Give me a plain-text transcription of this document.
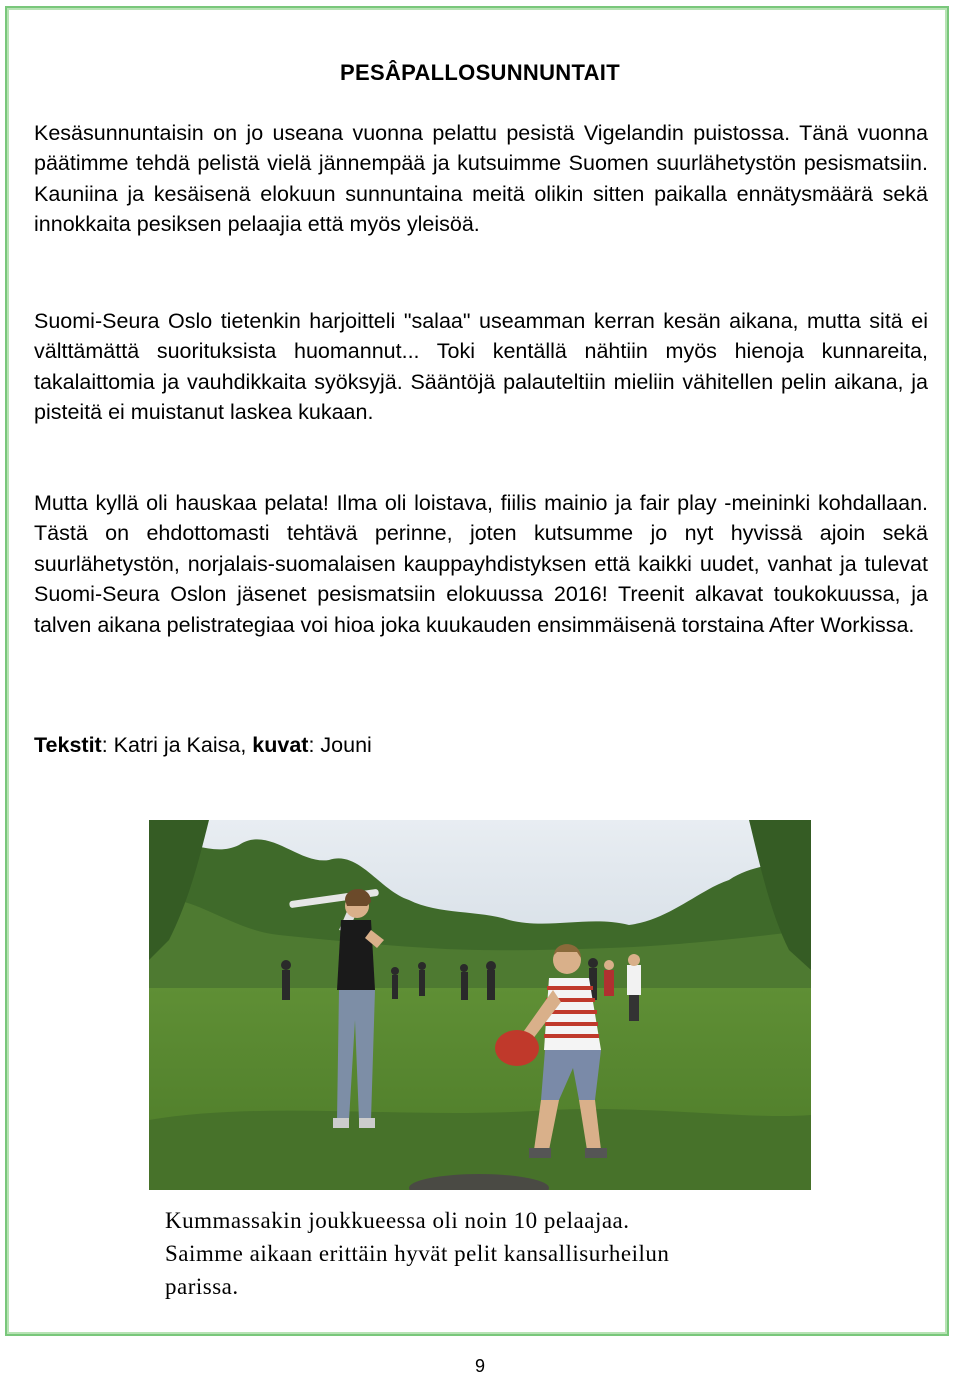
PESÂPALLOSUNNUNTAIT
Kesäsunnuntaisin on jo useana vuonna pelattu pesistä Vigelandin puistossa. Tänä vuonna päätimme tehdä pelistä vielä jännempää ja kutsuimme Suomen suurlähetystön pesismatsiin. Kauniina ja kesäisenä elokuun sunnuntaina meitä olikin sitten paikalla ennätysmäärä sekä innokkaita pesiksen pelaajia että myös yleisöä.
Suomi-Seura Oslo tietenkin harjoitteli "salaa" useamman kerran kesän aikana, mutta sitä ei välttämättä suorituksista huomannut... Toki kentällä nähtiin myös hienoja kunnareita, takalaittomia ja vauhdikkaita syöksyjä. Sääntöjä palauteltiin mieliin vähitellen pelin aikana, ja pisteitä ei muistanut laskea kukaan.
Mutta kyllä oli hauskaa pelata! Ilma oli loistava, fiilis mainio ja fair play -meininki kohdallaan. Tästä on ehdottomasti tehtävä perinne, joten kutsumme jo nyt hyvissä ajoin sekä suurlähetystön, norjalais-suomalaisen kauppayhdistyksen että kaikki uudet, vanhat ja tulevat Suomi-Seura Oslon jäsenet pesismatsiin elokuussa 2016! Treenit alkavat toukokuussa, ja talven aikana pelistrategiaa voi hioa joka kuukauden ensimmäisenä torstaina After Workissa.
Tekstit: Katri ja Kaisa, kuvat: Jouni
Kummassakin joukkueessa oli noin 10 pelaajaa.
Saimme aikaan erittäin hyvät pelit kansallisurheilun
parissa.
9
